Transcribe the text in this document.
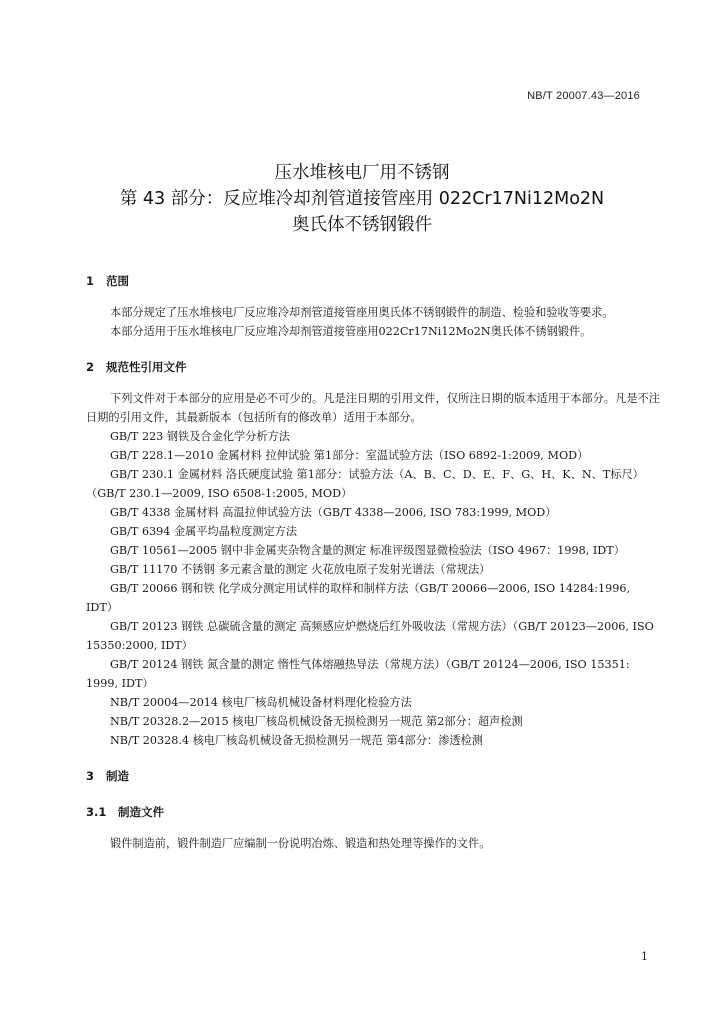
NB/T 20007.43—2016
压水堆核电厂用不锈钢
第 43 部分：反应堆冷却剂管道接管座用 022Cr17Ni12Mo2N
奥氏体不锈钢锻件

1 范围

本部分规定了压水堆核电厂反应堆冷却剂管道接管座用奥氏体不锈钢锻件的制造、检验和验收等要求。

本部分适用于压水堆核电厂反应堆冷却剂管道接管座用022Cr17Ni12Mo2N奥氏体不锈钢锻件。

2 规范性引用文件

下列文件对于本部分的应用是必不可少的。凡是注日期的引用文件，仅所注日期的版本适用于本部分。凡是不注日期的引用文件，其最新版本（包括所有的修改单）适用于本部分。

GB/T 223 钢铁及合金化学分析方法

GB/T 228.1—2010 金属材料 拉伸试验 第1部分：室温试验方法（ISO 6892-1:2009, MOD）

GB/T 230.1 金属材料 洛氏硬度试验 第1部分：试验方法（A、B、C、D、E、F、G、H、K、N、T标尺）（GB/T 230.1—2009, ISO 6508-1:2005, MOD）

GB/T 4338 金属材料 高温拉伸试验方法（GB/T 4338—2006, ISO 783:1999, MOD）

GB/T 6394 金属平均晶粒度测定方法

GB/T 10561—2005 钢中非金属夹杂物含量的测定 标准评级图显微检验法（ISO 4967：1998, IDT）

GB/T 11170 不锈钢 多元素含量的测定 火花放电原子发射光谱法（常规法）

GB/T 20066 钢和铁 化学成分测定用试样的取样和制样方法（GB/T 20066—2006, ISO 14284:1996, IDT）

GB/T 20123 钢铁 总碳硫含量的测定 高频感应炉燃烧后红外吸收法（常规方法）（GB/T 20123—2006, ISO 15350:2000, IDT）

GB/T 20124 钢铁 氮含量的测定 惰性气体熔融热导法（常规方法）（GB/T 20124—2006, ISO 15351: 1999, IDT）

NB/T 20004—2014 核电厂核岛机械设备材料理化检验方法

NB/T 20328.2—2015 核电厂核岛机械设备无损检测另一规范 第2部分：超声检测

NB/T 20328.4 核电厂核岛机械设备无损检测另一规范 第4部分：渗透检测

3 制造

3.1 制造文件

锻件制造前，锻件制造厂应编制一份说明冶炼、锻造和热处理等操作的文件。

1
